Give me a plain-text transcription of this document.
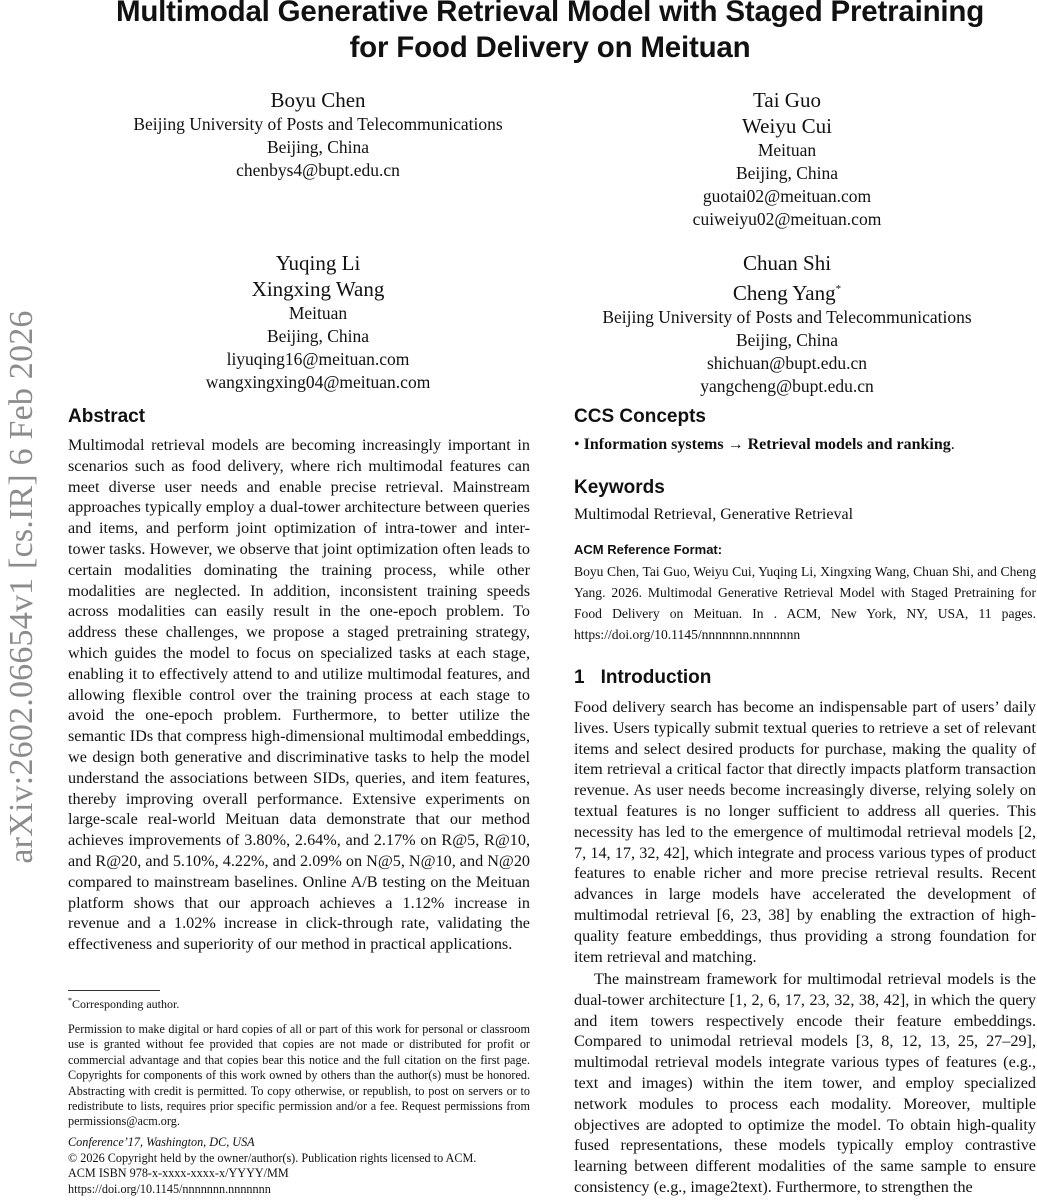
arXiv:2602.06654v1 [cs.IR] 6 Feb 2026
Multimodal Generative Retrieval Model with Staged Pretraining
for Food Delivery on Meituan
Boyu Chen
Beijing University of Posts and Telecommunications
Beijing, China
chenbys4@bupt.edu.cn
Tai Guo
Weiyu Cui
Meituan
Beijing, China
guotai02@meituan.com
cuiweiyu02@meituan.com
Yuqing Li
Xingxing Wang
Meituan
Beijing, China
liyuqing16@meituan.com
wangxingxing04@meituan.com
Chuan Shi
Cheng Yang*
Beijing University of Posts and Telecommunications
Beijing, China
shichuan@bupt.edu.cn
yangcheng@bupt.edu.cn
Abstract

Multimodal retrieval models are becoming increasingly important in scenarios such as food delivery, where rich multimodal features can meet diverse user needs and enable precise retrieval. Mainstream approaches typically employ a dual-tower architecture between queries and items, and perform joint optimization of intra-tower and inter-tower tasks. However, we observe that joint optimization often leads to certain modalities dominating the training process, while other modalities are neglected. In addition, inconsistent training speeds across modalities can easily result in the one-epoch problem. To address these challenges, we propose a staged pretraining strategy, which guides the model to focus on specialized tasks at each stage, enabling it to effectively attend to and utilize multimodal features, and allowing flexible control over the training process at each stage to avoid the one-epoch problem. Furthermore, to better utilize the semantic IDs that compress high-dimensional multimodal embeddings, we design both generative and discriminative tasks to help the model understand the associations between SIDs, queries, and item features, thereby improving overall performance. Extensive experiments on large-scale real-world Meituan data demonstrate that our method achieves improvements of 3.80%, 2.64%, and 2.17% on R@5, R@10, and R@20, and 5.10%, 4.22%, and 2.09% on N@5, N@10, and N@20 compared to mainstream baselines. Online A/B testing on the Meituan platform shows that our approach achieves a 1.12% increase in revenue and a 1.02% increase in click-through rate, validating the effectiveness and superiority of our method in practical applications.

*Corresponding author.

Permission to make digital or hard copies of all or part of this work for personal or classroom use is granted without fee provided that copies are not made or distributed for profit or commercial advantage and that copies bear this notice and the full citation on the first page. Copyrights for components of this work owned by others than the author(s) must be honored. Abstracting with credit is permitted. To copy otherwise, or republish, to post on servers or to redistribute to lists, requires prior specific permission and/or a fee. Request permissions from permissions@acm.org.

Conference’17, Washington, DC, USA

© 2026 Copyright held by the owner/author(s). Publication rights licensed to ACM.
ACM ISBN 978-x-xxxx-xxxx-x/YYYY/MM
https://doi.org/10.1145/nnnnnnn.nnnnnnn
CCS Concepts

• Information systems → Retrieval models and ranking.

Keywords

Multimodal Retrieval, Generative Retrieval

ACM Reference Format:

Boyu Chen, Tai Guo, Weiyu Cui, Yuqing Li, Xingxing Wang, Chuan Shi, and Cheng Yang. 2026. Multimodal Generative Retrieval Model with Staged Pretraining for Food Delivery on Meituan. In . ACM, New York, NY, USA, 11 pages. https://doi.org/10.1145/nnnnnnn.nnnnnnn

1 Introduction

Food delivery search has become an indispensable part of users’ daily lives. Users typically submit textual queries to retrieve a set of relevant items and select desired products for purchase, making the quality of item retrieval a critical factor that directly impacts platform transaction revenue. As user needs become increasingly diverse, relying solely on textual features is no longer sufficient to address all queries. This necessity has led to the emergence of multimodal retrieval models [2, 7, 14, 17, 32, 42], which integrate and process various types of product features to enable richer and more precise retrieval results. Recent advances in large models have accelerated the development of multimodal retrieval [6, 23, 38] by enabling the extraction of high-quality feature embeddings, thus providing a strong foundation for item retrieval and matching.

The mainstream framework for multimodal retrieval models is the dual-tower architecture [1, 2, 6, 17, 23, 32, 38, 42], in which the query and item towers respectively encode their feature embeddings. Compared to unimodal retrieval models [3, 8, 12, 13, 25, 27–29], multimodal retrieval models integrate various types of features (e.g., text and images) within the item tower, and employ specialized network modules to process each modality. Moreover, multiple objectives are adopted to optimize the model. To obtain high-quality fused representations, these models typically employ contrastive learning between different modalities of the same sample to ensure consistency (e.g., image2text). Furthermore, to strengthen the
